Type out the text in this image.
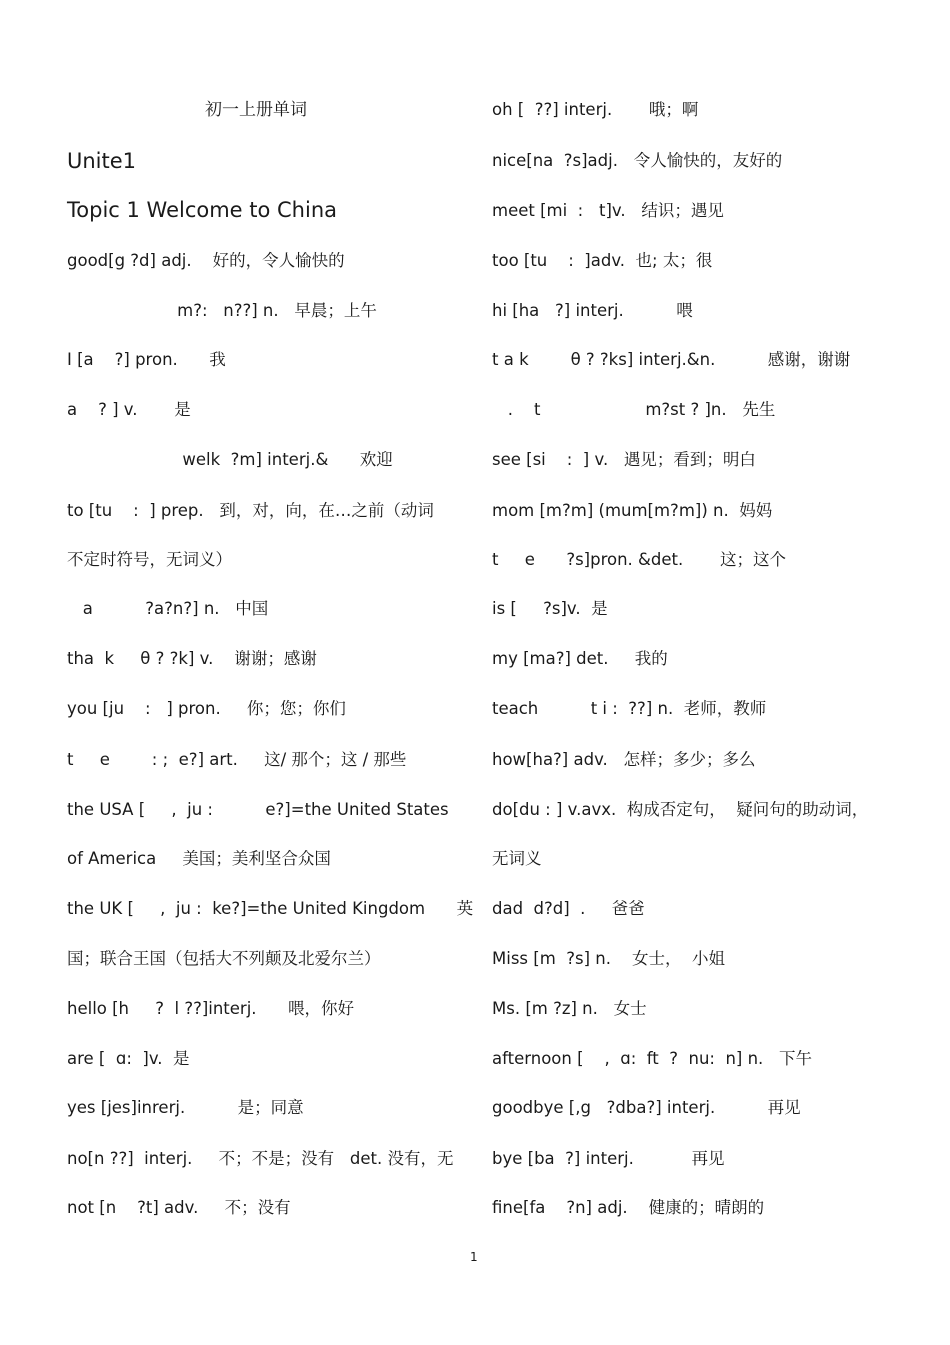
初一上册单词
Unite1
Topic 1 Welcome to China
good[g ?d] adj.    好的，令人愉快的
m?:   n??] n.   早晨；上午
I [a    ?] pron.      我
a    ? ] v.       是
welk  ?m] interj.&      欢迎
to [tu    :  ] prep.   到，对，向，在…之前（动词
不定时符号，无词义）
a          ?a?n?] n.   中国
tha  k     θ ? ?k] v.    谢谢；感谢
you [ju    :   ] pron.     你；您；你们
t     e        : ;  e?] art.     这/ 那个；这 / 那些
the USA [     ,  ju :          e?]=the United States
of America     美国；美利坚合众国
the UK [     ,  ju :  ke?]=the United Kingdom      英
国；联合王国（包括大不列颠及北爱尔兰）
hello [h     ?  l ??]interj.      喂，你好
are [  ɑ:  ]v.  是
yes [jes]inrerj.          是；同意
no[n ??]  interj.     不；不是；没有   det. 没有，无
not [n    ?t] adv.     不；没有
oh [  ??] interj.       哦；啊
nice[na  ?s]adj.   令人愉快的，友好的
meet [mi  :   t]v.   结识；遇见
too [tu    :  ]adv.  也; 太；很
hi [ha   ?] interj.          喂
t a k        θ ? ?ks] interj.&n.          感谢，谢谢
.    t                    m?st ? ]n.   先生
see [si    :  ] v.   遇见；看到；明白
mom [m?m] (mum[m?m]) n.  妈妈
t     e      ?s]pron. &det.       这；这个
is [     ?s]v.  是
my [ma?] det.     我的
teach          t i :  ??] n.  老师，教师
how[ha?] adv.   怎样；多少；多么
do[du : ] v.avx.  构成否定句，  疑问句的助动词，
无词义
dad  d?d]  .     爸爸
Miss [m  ?s] n.    女士，  小姐
Ms. [m ?z] n.   女士
afternoon [    ,  ɑ:  ft  ?  nu:  n] n.   下午
goodbye [,g   ?dba?] interj.          再见
bye [ba  ?] interj.           再见
fine[fa    ?n] adj.    健康的；晴朗的
1
